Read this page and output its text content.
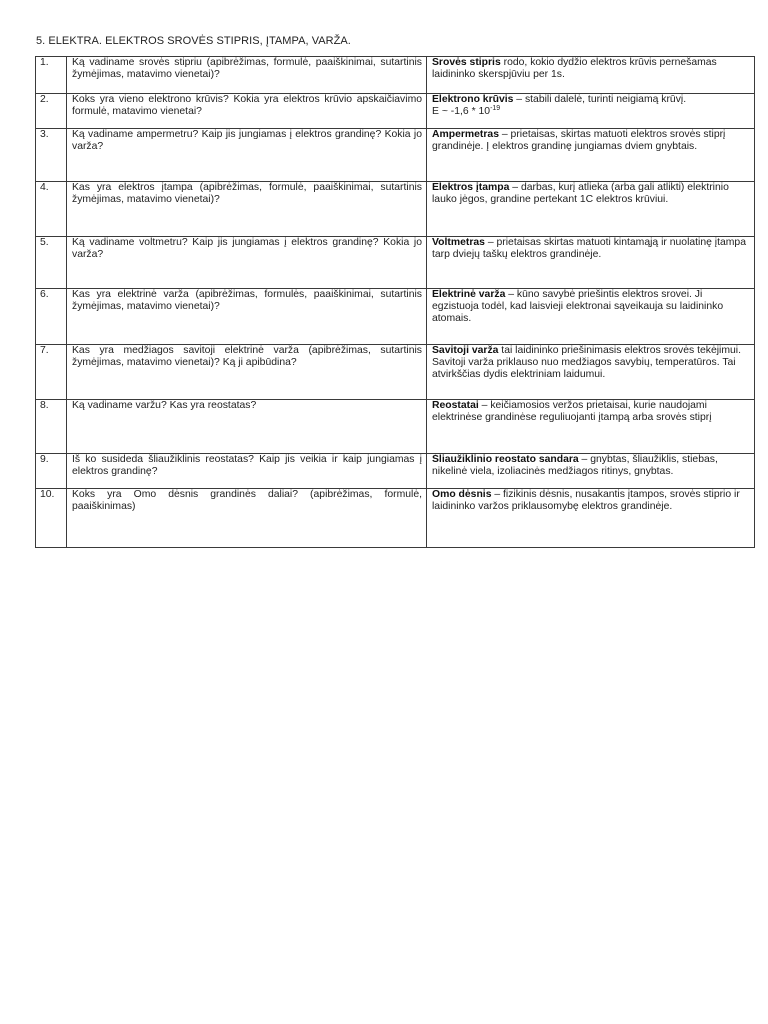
5. ELEKTRA. ELEKTROS SROVĖS STIPRIS, ĮTAMPA, VARŽA.
1.	Ką vadiname srovės stipriu (apibrėžimas, formulė, paaiškinimai, sutartinis žymėjimas, matavimo vienetai)?	Srovės stipris rodo, kokio dydžio elektros krūvis pernešamas laidininko skerspjūviu per 1s.
2.	Koks yra vieno elektrono krūvis? Kokia yra elektros krūvio apskaičiavimo formulė, matavimo vienetai?	Elektrono krūvis – stabili dalelė, turinti neigiamą krūvį.
E ~ $-1,6 * 10^{-19}$
3.	Ką vadiname ampermetru? Kaip jis jungiamas į elektros grandinę? Kokia jo varža?	Ampermetras – prietaisas, skirtas matuoti elektros srovės stiprį grandinėje. Į elektros grandinę jungiamas dviem gnybtais.
4.	Kas yra elektros įtampa (apibrėžimas, formulė, paaiškinimai, sutartinis žymėjimas, matavimo vienetai)?	Elektros įtampa – darbas, kurį atlieka (arba gali atlikti) elektrinio lauko jėgos, grandine pertekant 1C elektros krūviui.
5.	Ką vadiname voltmetru? Kaip jis jungiamas į elektros grandinę? Kokia jo varža?	Voltmetras – prietaisas skirtas matuoti kintamąją ir nuolatinę įtampa tarp dviejų taškų elektros grandinėje.
6.	Kas yra elektrinė varža (apibrėžimas, formulės, paaiškinimai, sutartinis žymėjimas, matavimo vienetai)?	Elektrinė varža – kūno savybė priešintis elektros srovei. Ji egzistuoja todėl, kad laisvieji elektronai sąveikauja su laidininko atomais.
7.	Kas yra medžiagos savitoji elektrinė varža (apibrėžimas, sutartinis žymėjimas, matavimo vienetai)? Ką ji apibūdina?	Savitoji varža tai laidininko priešinimasis elektros srovės tekėjimui. Savitoji varža priklauso nuo medžiagos savybių, temperatūros. Tai atvirkščias dydis elektriniam laidumui.
8.	Ką vadiname varžu? Kas yra reostatas?	Reostatai – keičiamosios veržos prietaisai, kurie naudojami elektrinėse grandinėse reguliuojanti įtampą arba srovės stiprį
9.	Iš ko susideda šliaužiklinis reostatas? Kaip jis veikia ir kaip jungiamas į elektros grandinę?	Šliaužiklinio reostato sandara – gnybtas, šliaužiklis, stiebas, nikelinė viela, izoliacinės medžiagos ritinys, gnybtas.
10.	Koks yra Omo dėsnis grandinės daliai? (apibrėžimas, formulė, paaiškinimas)	Omo dėsnis – fizikinis dėsnis, nusakantis įtampos, srovės stiprio ir laidininko varžos priklausomybę elektros grandinėje.
